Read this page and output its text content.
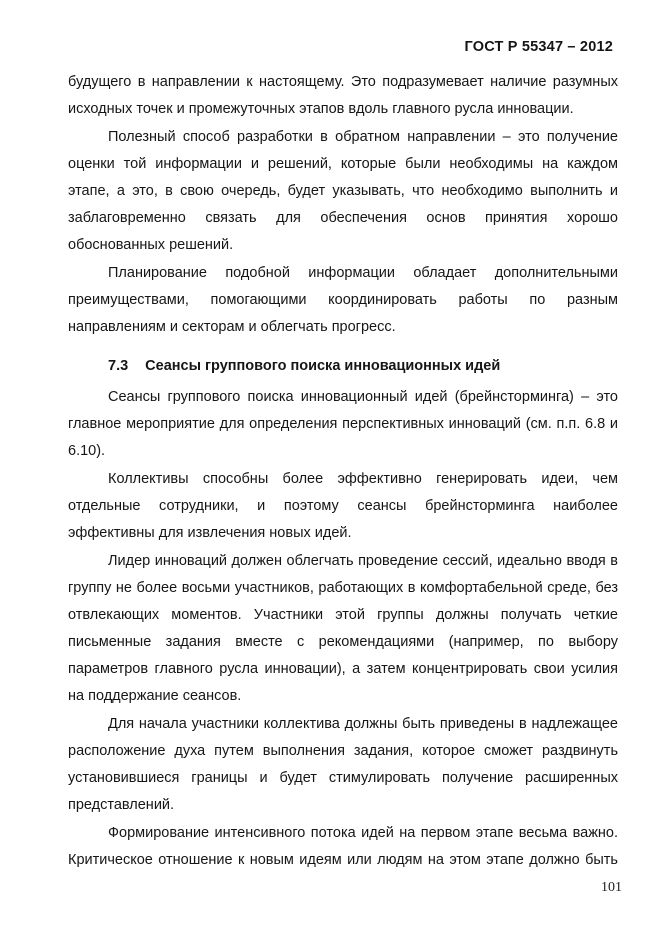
ГОСТ Р 55347 – 2012

будущего в направлении к настоящему. Это подразумевает наличие разумных исходных точек и промежуточных этапов вдоль главного русла инновации.

Полезный способ разработки в обратном направлении – это получение оценки той информации и решений, которые были необходимы на каждом этапе, а это, в свою очередь, будет указывать, что необходимо выполнить и заблаговременно связать для обеспечения основ принятия хорошо обоснованных решений.

Планирование подобной информации обладает дополнительными преимуществами, помогающими координировать работы по разным направлениям и секторам и облегчать прогресс.

7.3 Сеансы группового поиска инновационных идей

Сеансы группового поиска инновационный идей (брейнсторминга) – это главное мероприятие для определения перспективных инноваций (см. п.п. 6.8 и 6.10).

Коллективы способны более эффективно генерировать идеи, чем отдельные сотрудники, и поэтому сеансы брейнсторминга наиболее эффективны для извлечения новых идей.

Лидер инноваций должен облегчать проведение сессий, идеально вводя в группу не более восьми участников, работающих в комфортабельной среде, без отвлекающих моментов. Участники этой группы должны получать четкие письменные задания вместе с рекомендациями (например, по выбору параметров главного русла инновации), а затем концентрировать свои усилия на поддержание сеансов.

Для начала участники коллектива должны быть приведены в надлежащее расположение духа путем выполнения задания, которое сможет раздвинуть установившиеся границы и будет стимулировать получение расширенных представлений.

Формирование интенсивного потока идей на первом этапе весьма важно. Критическое отношение к новым идеям или людям на этом этапе должно быть

101
